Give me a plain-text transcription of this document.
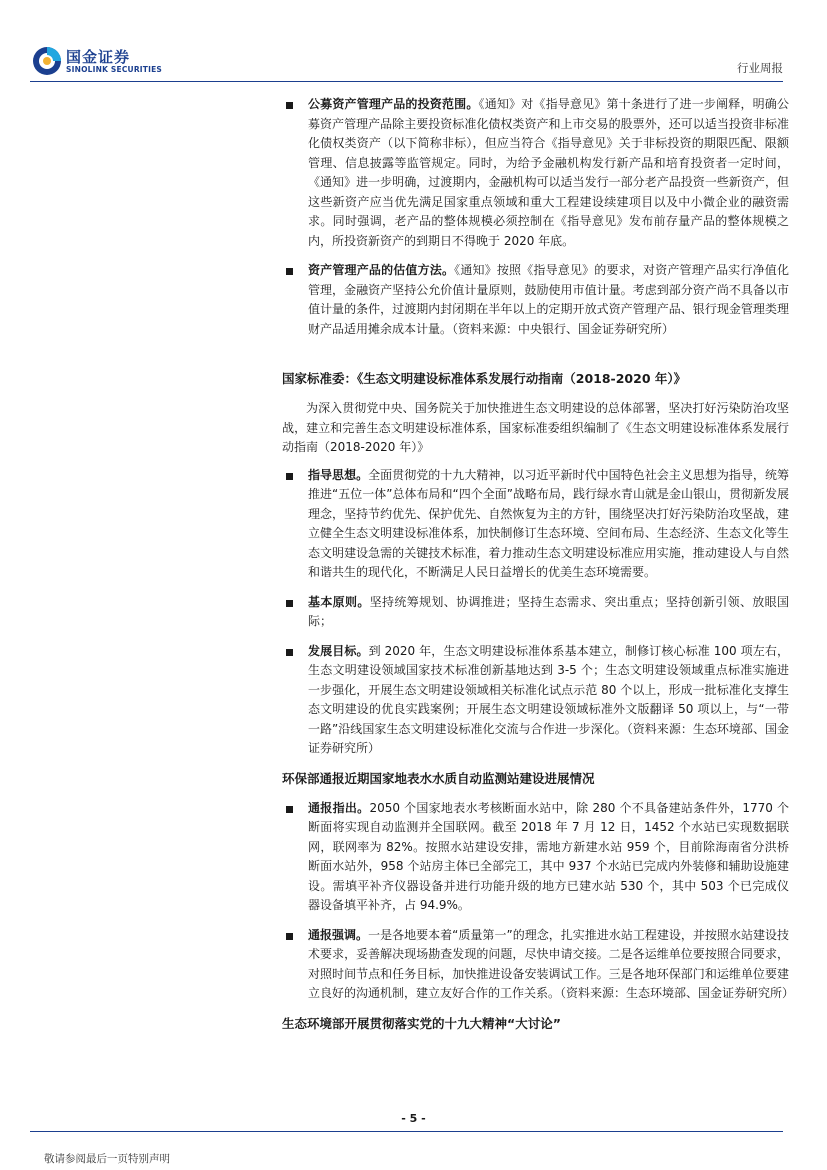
国金证券
SINOLINK SECURITIES	行业周报
公募资产管理产品的投资范围。《通知》对《指导意见》第十条进行了进一步阐释，明确公募资产管理产品除主要投资标准化债权类资产和上市交易的股票外，还可以适当投资非标准化债权类资产（以下简称非标），但应当符合《指导意见》关于非标投资的期限匹配、限额管理、信息披露等监管规定。同时，为给予金融机构发行新产品和培育投资者一定时间，《通知》进一步明确，过渡期内，金融机构可以适当发行一部分老产品投资一些新资产，但这些新资产应当优先满足国家重点领域和重大工程建设续建项目以及中小微企业的融资需求。同时强调，老产品的整体规模必须控制在《指导意见》发布前存量产品的整体规模之内，所投资新资产的到期日不得晚于 2020 年底。
资产管理产品的估值方法。《通知》按照《指导意见》的要求，对资产管理产品实行净值化管理，金融资产坚持公允价值计量原则，鼓励使用市值计量。考虑到部分资产尚不具备以市值计量的条件，过渡期内封闭期在半年以上的定期开放式资产管理产品、银行现金管理类理财产品适用摊余成本计量。（资料来源：中央银行、国金证券研究所）
国家标准委：《生态文明建设标准体系发展行动指南（2018-2020 年）》

为深入贯彻党中央、国务院关于加快推进生态文明建设的总体部署，坚决打好污染防治攻坚战，建立和完善生态文明建设标准体系，国家标准委组织编制了《生态文明建设标准体系发展行动指南（2018-2020 年）》

指导思想。全面贯彻党的十九大精神，以习近平新时代中国特色社会主义思想为指导，统筹推进“五位一体”总体布局和“四个全面”战略布局，践行绿水青山就是金山银山，贯彻新发展理念，坚持节约优先、保护优先、自然恢复为主的方针，围绕坚决打好污染防治攻坚战，建立健全生态文明建设标准体系，加快制修订生态环境、空间布局、生态经济、生态文化等生态文明建设急需的关键技术标准，着力推动生态文明建设标准应用实施，推动建设人与自然和谐共生的现代化，不断满足人民日益增长的优美生态环境需要。
基本原则。坚持统筹规划、协调推进；坚持生态需求、突出重点；坚持创新引领、放眼国际；
发展目标。到 2020 年，生态文明建设标准体系基本建立，制修订核心标准 100 项左右，生态文明建设领域国家技术标准创新基地达到 3-5 个；生态文明建设领域重点标准实施进一步强化，开展生态文明建设领域相关标准化试点示范 80 个以上，形成一批标准化支撑生态文明建设的优良实践案例；开展生态文明建设领域标准外文版翻译 50 项以上，与“一带一路”沿线国家生态文明建设标准化交流与合作进一步深化。（资料来源：生态环境部、国金证券研究所）
环保部通报近期国家地表水水质自动监测站建设进展情况
通报指出。2050 个国家地表水考核断面水站中，除 280 个不具备建站条件外，1770 个断面将实现自动监测并全国联网。截至 2018 年 7 月 12 日，1452 个水站已实现数据联网，联网率为 82%。按照水站建设安排，需地方新建水站 959 个，目前除海南省分洪桥断面水站外，958 个站房主体已全部完工，其中 937 个水站已完成内外装修和辅助设施建设。需填平补齐仪器设备并进行功能升级的地方已建水站 530 个，其中 503 个已完成仪器设备填平补齐，占 94.9%。
通报强调。一是各地要本着“质量第一”的理念，扎实推进水站工程建设，并按照水站建设技术要求，妥善解决现场勘查发现的问题，尽快申请交接。二是各运维单位要按照合同要求，对照时间节点和任务目标，加快推进设备安装调试工作。三是各地环保部门和运维单位要建立良好的沟通机制，建立友好合作的工作关系。（资料来源：生态环境部、国金证券研究所）
生态环境部开展贯彻落实党的十九大精神“大讨论”
- 5 -
敬请参阅最后一页特别声明
